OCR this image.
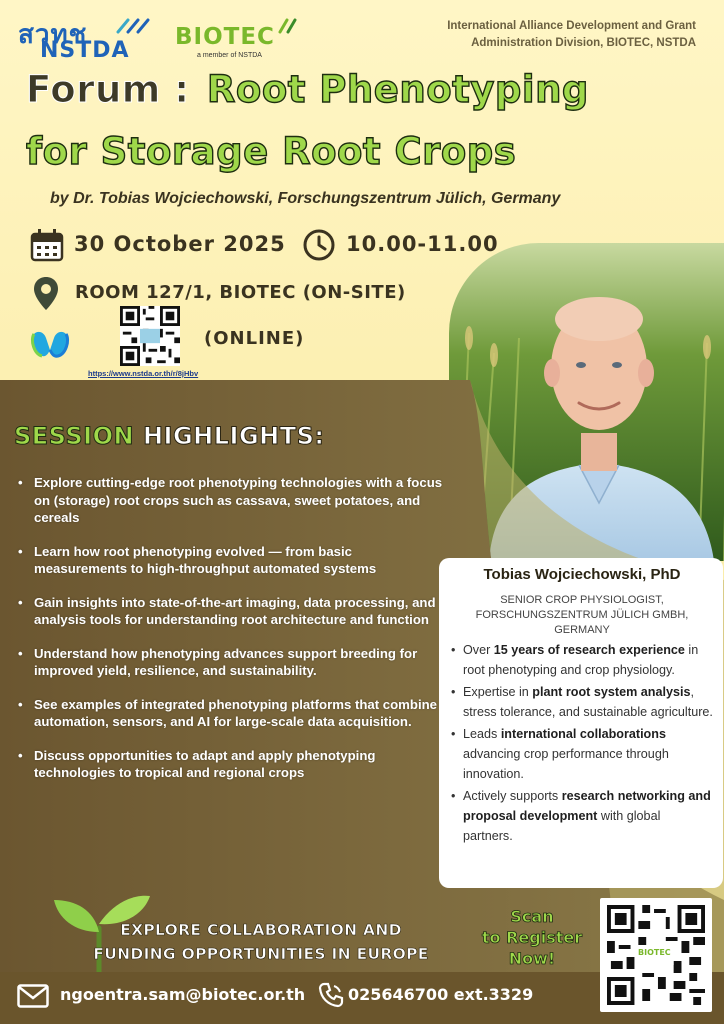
สวทช
NSTDA
BIOTEC
a member of NSTDA
International Alliance Development and Grant
Administration Division, BIOTEC, NSTDA
Forum : Root Phenotyping
for Storage Root Crops
by Dr. Tobias Wojciechowski, Forschungszentrum Jülich, Germany
30 October 2025	10.00-11.00
ROOM 127/1, BIOTEC (ON-SITE)
(ONLINE)
https://www.nstda.or.th/r/8jHbv
SESSION HIGHLIGHTS:
• Explore cutting-edge root phenotyping technologies with a focus on (storage) root crops such as cassava, sweet potatoes, and cereals
• Learn how root phenotyping evolved — from basic measurements to high-throughput automated systems
• Gain insights into state-of-the-art imaging, data processing, and analysis tools for understanding root architecture and function
• Understand how phenotyping advances support breeding for improved yield, resilience, and sustainability.
• See examples of integrated phenotyping platforms that combine automation, sensors, and AI for large-scale data acquisition.
• Discuss opportunities to adapt and apply phenotyping technologies to tropical and regional crops
Tobias Wojciechowski, PhD
SENIOR CROP PHYSIOLOGIST,
FORSCHUNGSZENTRUM JÜLICH GMBH,
GERMANY
• Over 15 years of research experience in root phenotyping and crop physiology.
• Expertise in plant root system analysis, stress tolerance, and sustainable agriculture.
• Leads international collaborations advancing crop performance through innovation.
• Actively supports research networking and proposal development with global partners.
EXPLORE COLLABORATION AND
FUNDING OPPORTUNITIES IN EUROPE
Scan
to Register
Now!
ngoentra.sam@biotec.or.th	025646700 ext.3329
BIOTEC
